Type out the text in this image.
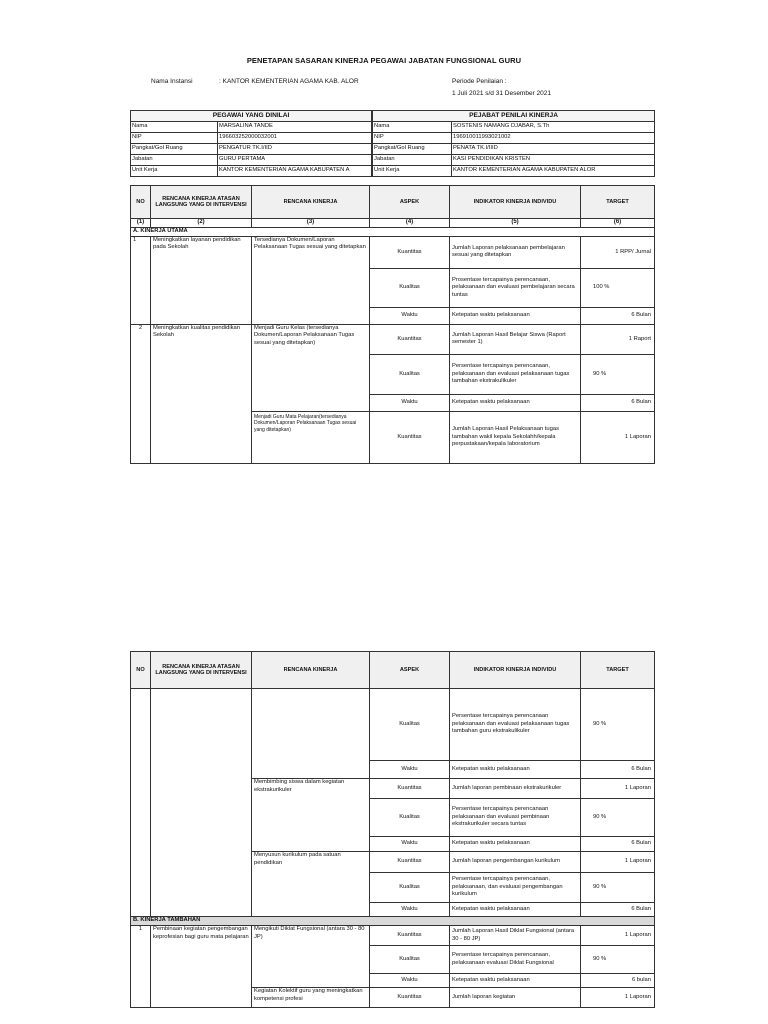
PENETAPAN SASARAN KINERJA PEGAWAI JABATAN FUNGSIONAL GURU
Nama Instansi	: KANTOR KEMENTERIAN AGAMA KAB. ALOR	Periode Penilaian :
1 Juli 2021 s/d 31 Desember 2021
PEGAWAI YANG DINILAI		PEJABAT PENILAI KINERJA	
Nama	MARSALINA TANDE		Nama	SOSTENIS NAMANG DJABAR, S.Th
NIP	196603252000032001		NIP	196910011993021002
Pangkat/Gol Ruang	PENGATUR TK.I/IID		Pangkat/Gol Ruang	PENATA TK.I/IIID
Jabatan	GURU PERTAMA		Jabatan	KASI PENDIDIKAN KRISTEN
Unit Kerja	KANTOR KEMENTERIAN AGAMA KABUPATEN A		Unit Kerja	KANTOR KEMENTERIAN AGAMA KABUPATEN ALOR
NO	RENCANA KINERJA ATASAN LANGSUNG YANG DI INTERVENSI	RENCANA KINERJA	ASPEK	INDIKATOR KINERJA INDIVIDU	TARGET
(1)	(2)	(3)	(4)	(5)	(6)
A. KINERJA UTAMA					
1	Meningkatkan layanan pendidikan pada Sekolah	Tersedianya Dokumen/Laporan Pelaksanaan Tugas sesuai yang ditetapkan	Kuantitas	Jumlah Laporan pelaksanaan pembelajaran sesuai yang ditetapkan	1 RPP/ Jurnal
			Kualitas	Prosentase tercapainya perencanaan, pelaksanaan dan evaluasi pembelajaran secara tuntas	100 %
			Waktu	Ketepatan waktu pelaksanaan	6 Bulan
2	Meningkatkan kualitas pendidikan Sekolah	Menjadi Guru Kelas (tersedianya Dokumen/Laporan Pelaksanaan Tugas sesuai yang ditetapkan)	Kuantitas	Jumlah Laporan Hasil Belajar Siswa (Raport semester 1)	1 Raport
			Kualitas	Persentase tercapainya perencanaan, pelaksanaan dan evaluasi pelaksanaan tugas tambahan ekstrakulikuler	90 %
			Waktu	Ketepatan waktu pelaksanaan	6 Bulan
		Menjadi Guru Mata Pelajaran(tersedianya Dokumen/Laporan Pelaksanaan Tugas sesuai yang ditetapkan)	Kuantitas	Jumlah Laporan Hasil Pelaksanaan tugas tambahan wakil kepala Sekolahh/kepala perpustakaan/kepala laboratorium	1 Laporan
NO	RENCANA KINERJA ATASAN LANGSUNG YANG DI INTERVENSI	RENCANA KINERJA	ASPEK	INDIKATOR KINERJA INDIVIDU	TARGET
			Kualitas	Persentase tercapainya perencanaan pelaksanaan dan evaluasi pelaksanaan tugas tambahan guru ekstrakulikuler	90 %
			Waktu	Ketepatan waktu pelaksanaan	6 Bulan
		Membimbing siswa dalam kegiatan ekstrakurikuler	Kuantitas	Jumlah laporan pembinaan ekstrakurikuler	1 Laporan
			Kualitas	Persentase tercapainya perencanaan pelaksanaan dan evaluasi pembinaan ekstrakurikuler secara tuntas	90 %
			Waktu	Ketepatan waktu pelaksanaan	6 Bulan
		Menyusun kurikulum pada satuan pendidikan	Kuantitas	Jumlah laporan pengembangan kurikulum	1 Laporan
			Kualitas	Persentase tercapainya perencanaan, pelaksanaan, dan evaluasi pengembangan kurikulum	90 %
			Waktu	Ketepatan waktu pelaksanaan	6 Bulan
B. KINERJA TAMBAHAN					
1	Pembinaan kegiatan pengembangan keprofesian bagi guru mata pelajaran	Mengikuti Diklat Fungsional (antara 30 - 80 JP)	Kuantitas	Jumlah Laporan Hasil Diklat Fungsional (antara 30 - 80 JP)	1 Laporan
			Kualitas	Persentase tercapainya perencanaan, pelaksanaan evaluasi Diklat Fungsional	90 %
			Waktu	Ketepatan waktu pelaksanaan	6 bulan
		Kegiatan Kolektif guru yang meningkatkan kompetensi profesi	Kuantitas	Jumlah laporan kegiatan	1 Laporan
